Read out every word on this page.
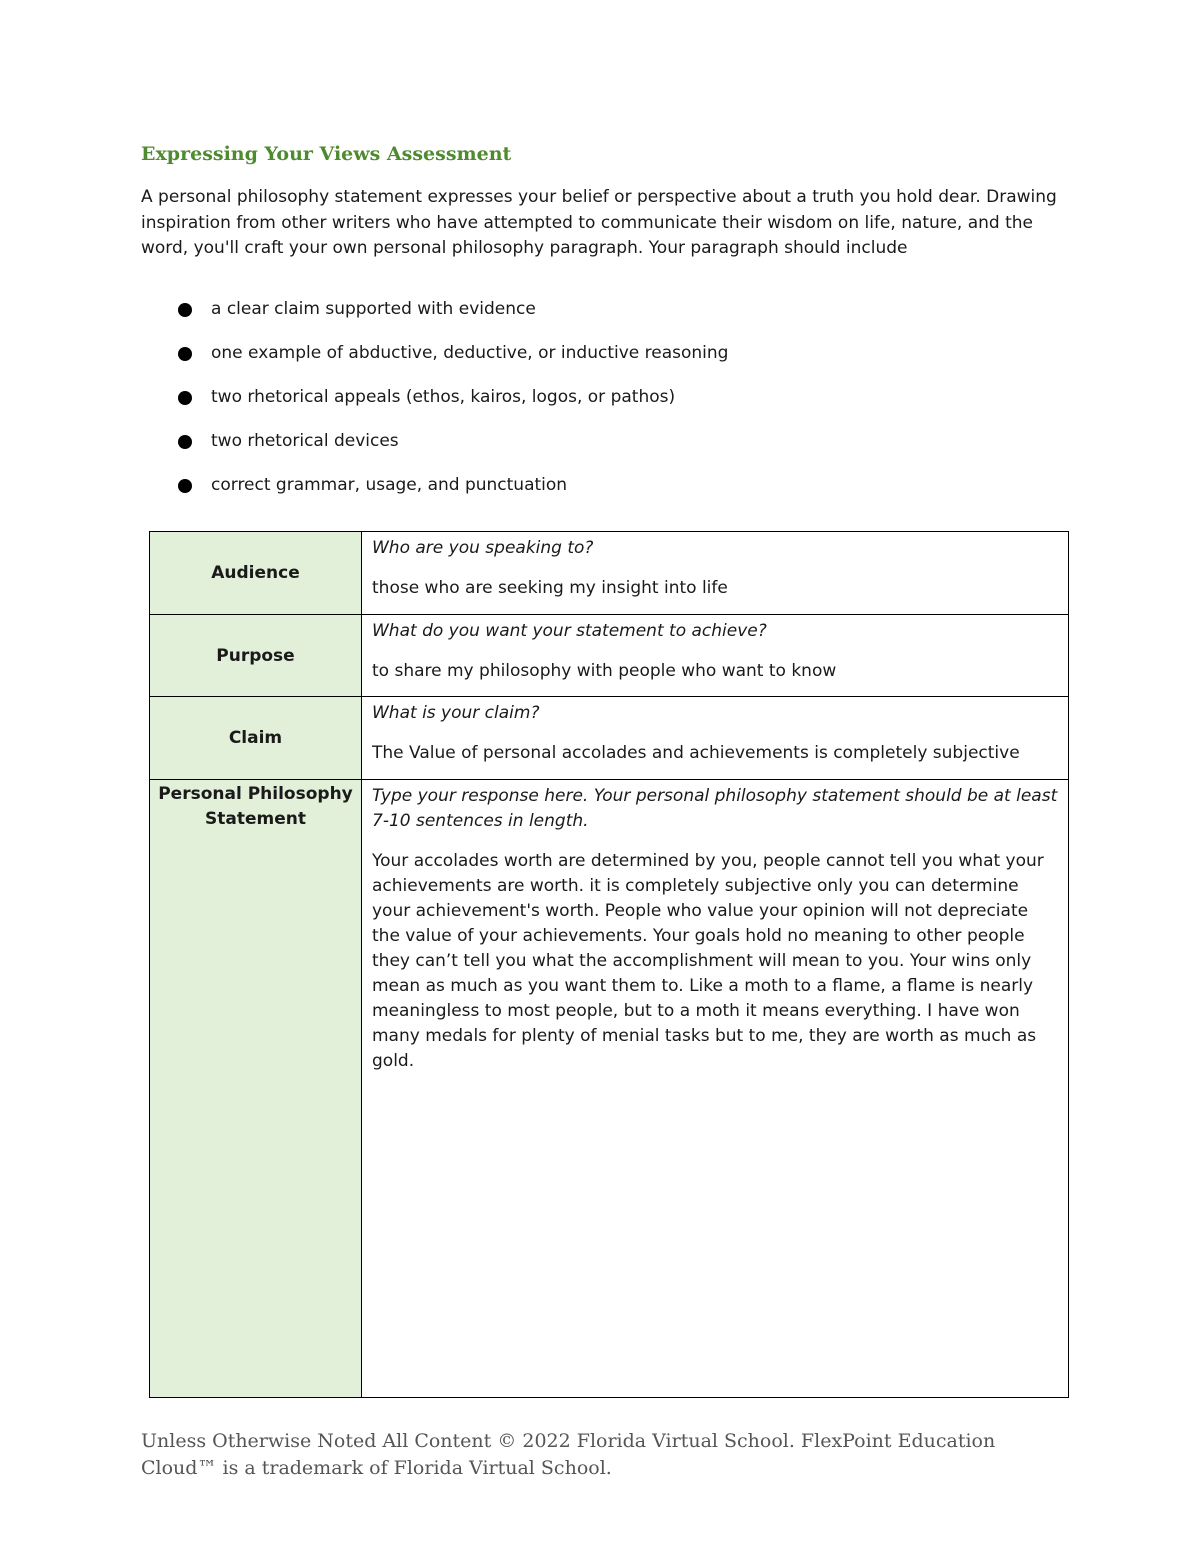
Expressing Your Views Assessment

A personal philosophy statement expresses your belief or perspective about a truth you hold dear. Drawing inspiration from other writers who have attempted to communicate their wisdom on life, nature, and the word, you'll craft your own personal philosophy paragraph. Your paragraph should include

a clear claim supported with evidence
one example of abductive, deductive, or inductive reasoning
two rhetorical appeals (ethos, kairos, logos, or pathos)
two rhetorical devices
correct grammar, usage, and punctuation
Audience	Who are you speaking to?

those who are seeking my insight into life

Purpose	What do you want your statement to achieve?

to share my philosophy with people who want to know

Claim	What is your claim?

The Value of personal accolades and achievements is completely subjective

Personal Philosophy Statement	Type your response here. Your personal philosophy statement should be at least 7-10 sentences in length.

Your accolades worth are determined by you, people cannot tell you what your achievements are worth. it is completely subjective only you can determine your achievement's worth. People who value your opinion will not depreciate the value of your achievements. Your goals hold no meaning to other people they can’t tell you what the accomplishment will mean to you. Your wins only mean as much as you want them to. Like a moth to a flame, a flame is nearly meaningless to most people, but to a moth it means everything. I have won many medals for plenty of menial tasks but to me, they are worth as much as gold.

Unless Otherwise Noted All Content © 2022 Florida Virtual School. FlexPoint Education Cloud™ is a trademark of Florida Virtual School.
